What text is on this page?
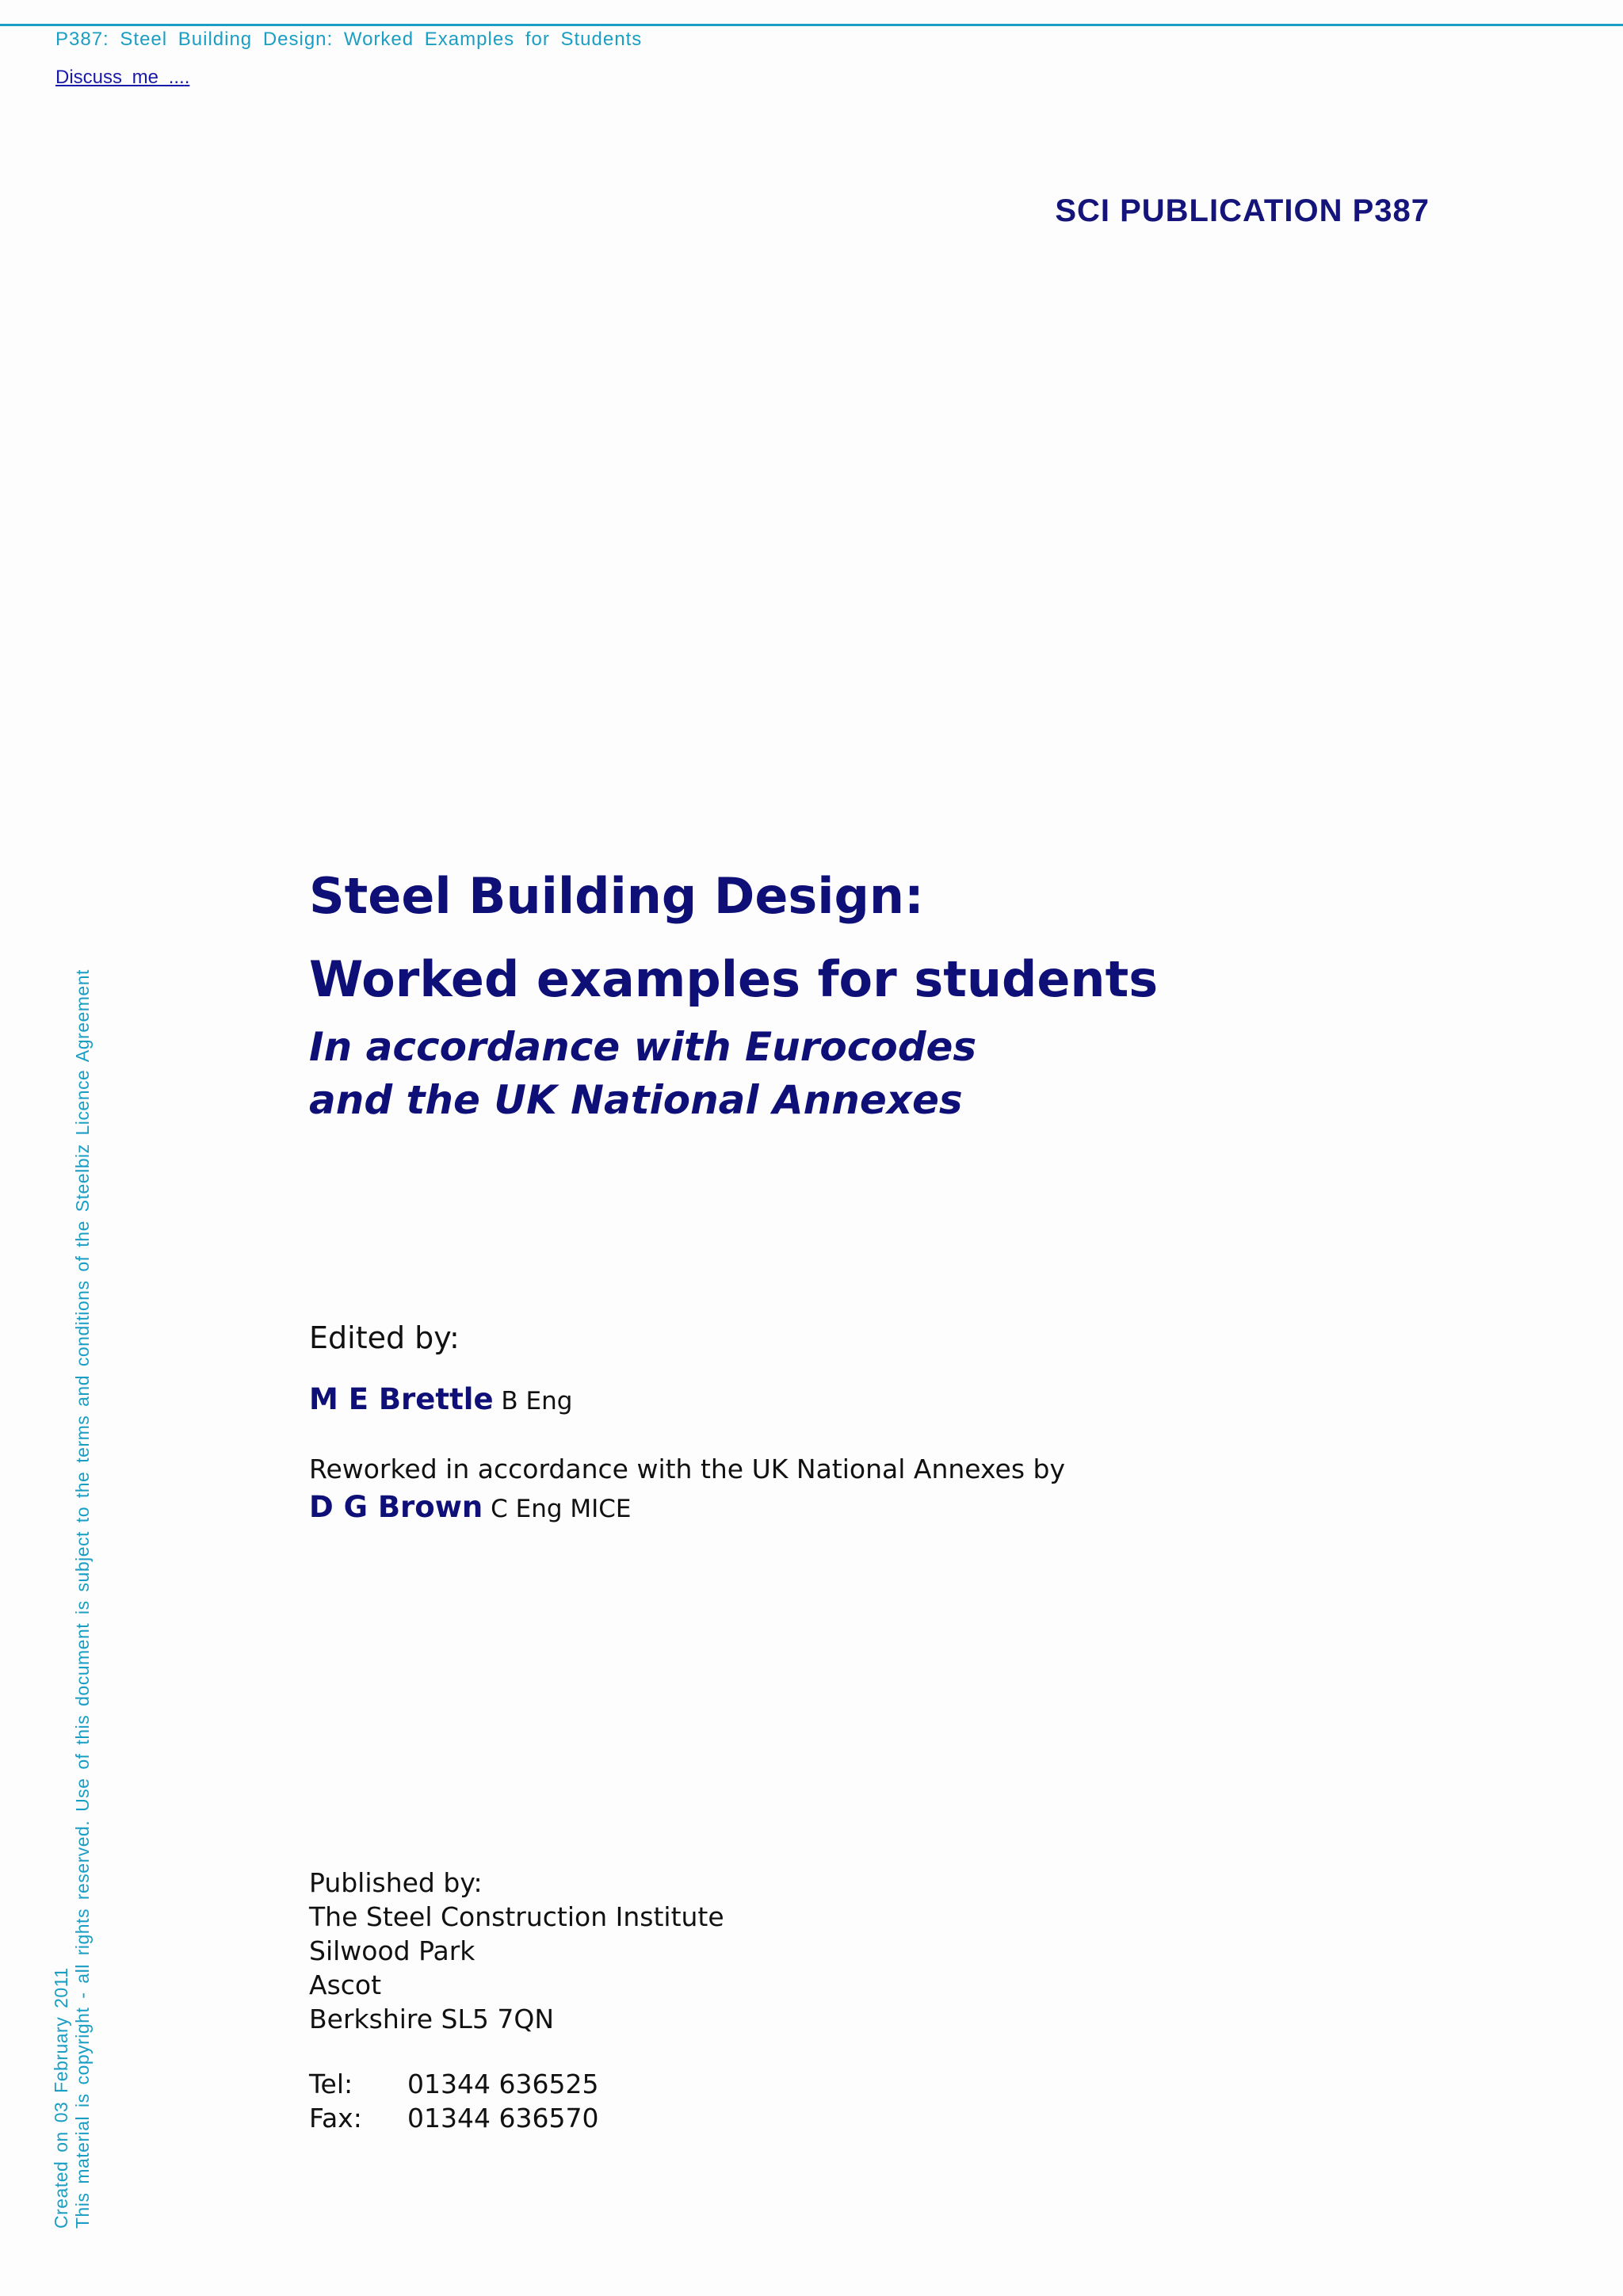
P387: Steel Building Design: Worked Examples for Students
Discuss me ....
SCI PUBLICATION P387
Created on 03 February 2011 This material is copyright - all rights reserved. Use of this document is subject to the terms and conditions of the Steelbiz Licence Agreement
Steel Building Design:
Worked examples for students
In accordance with Eurocodes
and the UK National Annexes
Edited by:
M E Brettle B Eng
Reworked in accordance with the UK National Annexes by
D G Brown C Eng MICE
Published by:
The Steel Construction Institute
Silwood Park
Ascot
Berkshire SL5 7QN
Tel:	01344 636525
Fax:	01344 636570
